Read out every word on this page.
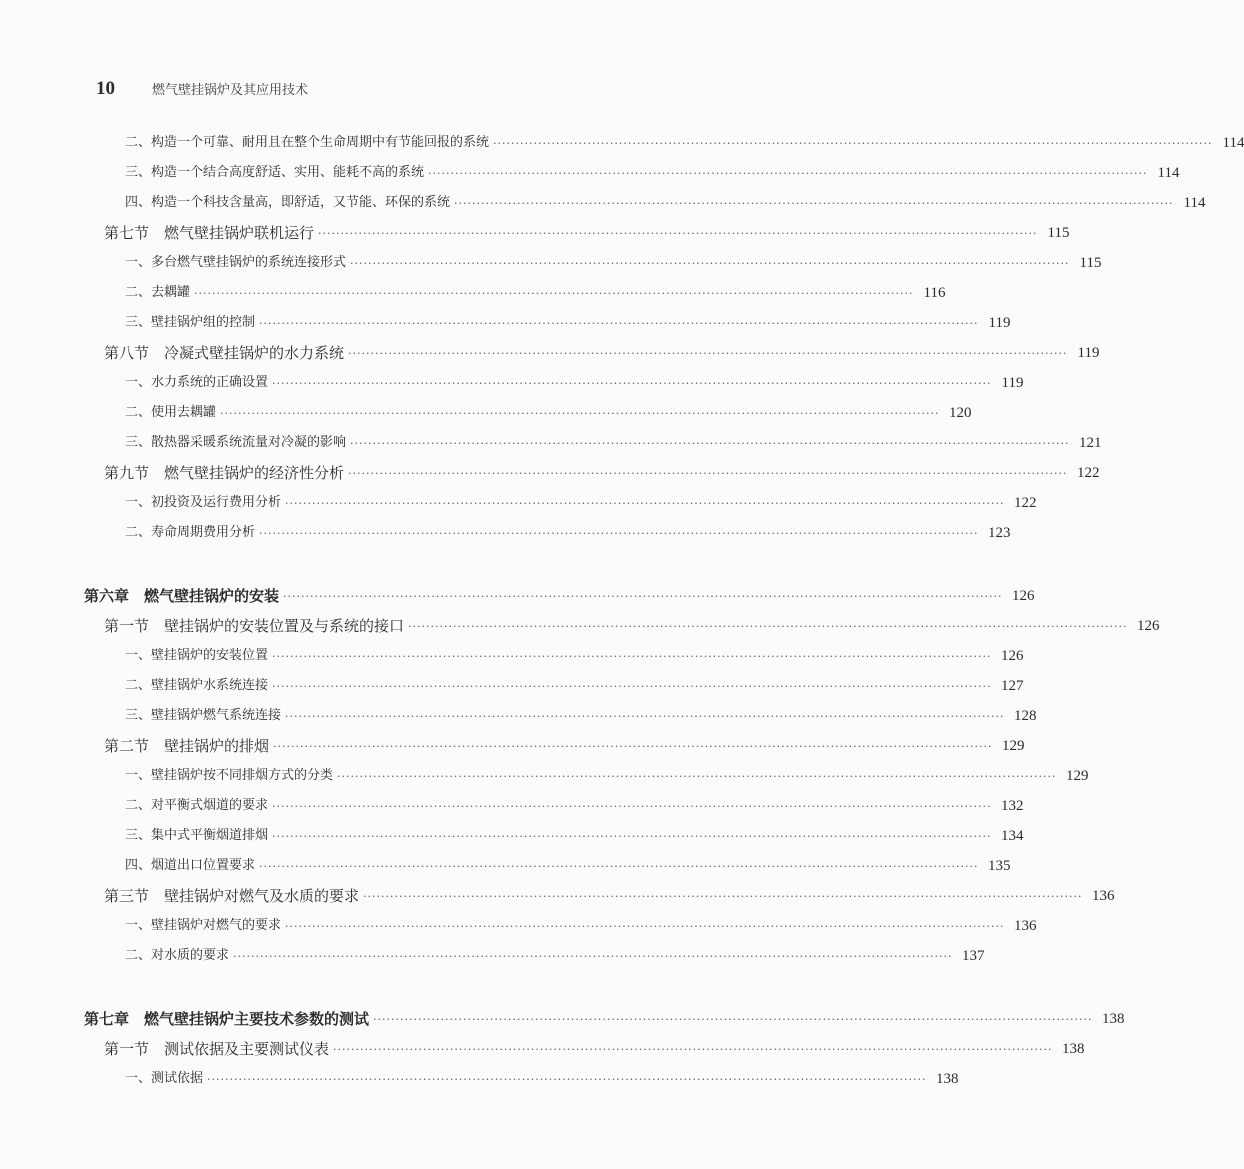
10	燃气壁挂锅炉及其应用技术
二、构造一个可靠、耐用且在整个生命周期中有节能回报的系统 ································································································································································ 114
三、构造一个结合高度舒适、实用、能耗不高的系统 ································································································································································ 114
四、构造一个科技含量高，即舒适，又节能、环保的系统 ································································································································································ 114
第七节　燃气壁挂锅炉联机运行 ································································································································································ 115
一、多台燃气壁挂锅炉的系统连接形式 ································································································································································ 115
二、去耦罐 ································································································································································ 116
三、壁挂锅炉组的控制 ································································································································································ 119
第八节　冷凝式壁挂锅炉的水力系统 ································································································································································ 119
一、水力系统的正确设置 ································································································································································ 119
二、使用去耦罐 ································································································································································ 120
三、散热器采暖系统流量对冷凝的影响 ································································································································································ 121
第九节　燃气壁挂锅炉的经济性分析 ································································································································································ 122
一、初投资及运行费用分析 ································································································································································ 122
二、寿命周期费用分析 ································································································································································ 123
第六章　燃气壁挂锅炉的安装 ································································································································································ 126
第一节　壁挂锅炉的安装位置及与系统的接口 ································································································································································ 126
一、壁挂锅炉的安装位置 ································································································································································ 126
二、壁挂锅炉水系统连接 ································································································································································ 127
三、壁挂锅炉燃气系统连接 ································································································································································ 128
第二节　壁挂锅炉的排烟 ································································································································································ 129
一、壁挂锅炉按不同排烟方式的分类 ································································································································································ 129
二、对平衡式烟道的要求 ································································································································································ 132
三、集中式平衡烟道排烟 ································································································································································ 134
四、烟道出口位置要求 ································································································································································ 135
第三节　壁挂锅炉对燃气及水质的要求 ································································································································································ 136
一、壁挂锅炉对燃气的要求 ································································································································································ 136
二、对水质的要求 ································································································································································ 137
第七章　燃气壁挂锅炉主要技术参数的测试 ································································································································································ 138
第一节　测试依据及主要测试仪表 ································································································································································ 138
一、测试依据 ································································································································································ 138
